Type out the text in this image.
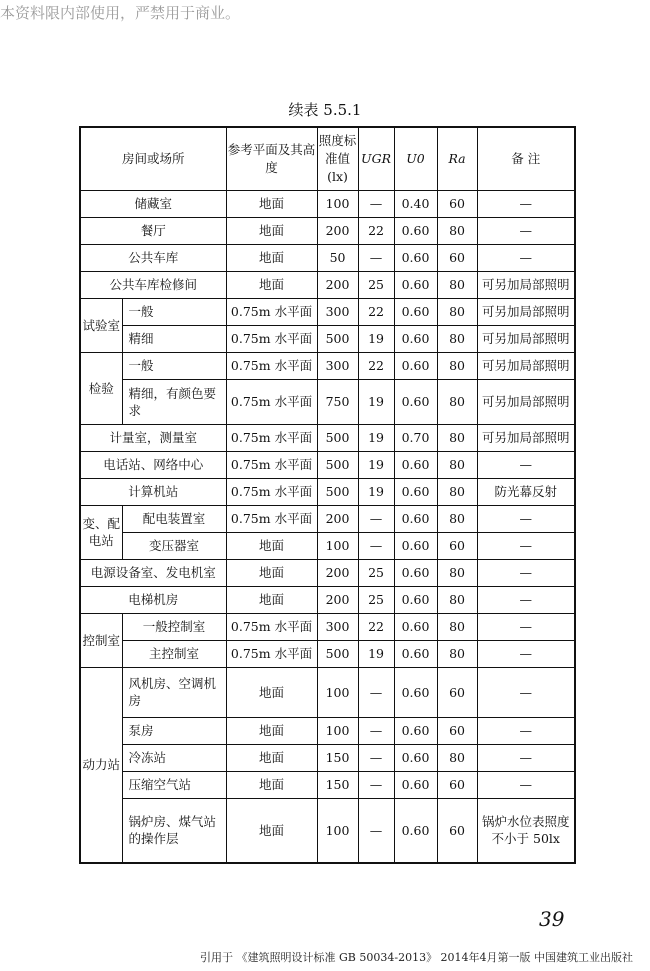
本资料限内部使用，严禁用于商业。
续表 5.5.1
房间或场所		参考平面及其高度	照度标准值(lx)	UGR	U0	Ra	备 注
储藏室		地面	100	—	0.40	60	—
餐厅		地面	200	22	0.60	80	—
公共车库		地面	50	—	0.60	60	—
公共车库检修间		地面	200	25	0.60	80	可另加局部照明
试验室	一般	0.75m 水平面	300	22	0.60	80	可另加局部照明
	精细	0.75m 水平面	500	19	0.60	80	可另加局部照明
检验	一般	0.75m 水平面	300	22	0.60	80	可另加局部照明
	精细，有颜色要求	0.75m 水平面	750	19	0.60	80	可另加局部照明
计量室，测量室		0.75m 水平面	500	19	0.70	80	可另加局部照明
电话站、网络中心		0.75m 水平面	500	19	0.60	80	—
计算机站		0.75m 水平面	500	19	0.60	80	防光幕反射
变、配电站	配电装置室	0.75m 水平面	200	—	0.60	80	—
	变压器室	地面	100	—	0.60	60	—
电源设备室、发电机室		地面	200	25	0.60	80	—
电梯机房		地面	200	25	0.60	80	—
控制室	一般控制室	0.75m 水平面	300	22	0.60	80	—
	主控制室	0.75m 水平面	500	19	0.60	80	—
动力站	风机房、空调机房	地面	100	—	0.60	60	—
	泵房	地面	100	—	0.60	60	—
	冷冻站	地面	150	—	0.60	80	—
	压缩空气站	地面	150	—	0.60	60	—
	锅炉房、煤气站的操作层	地面	100	—	0.60	60	锅炉水位表照度不小于 50lx
39
引用于 《建筑照明设计标准 GB 50034-2013》 2014年4月第一版 中国建筑工业出版社
